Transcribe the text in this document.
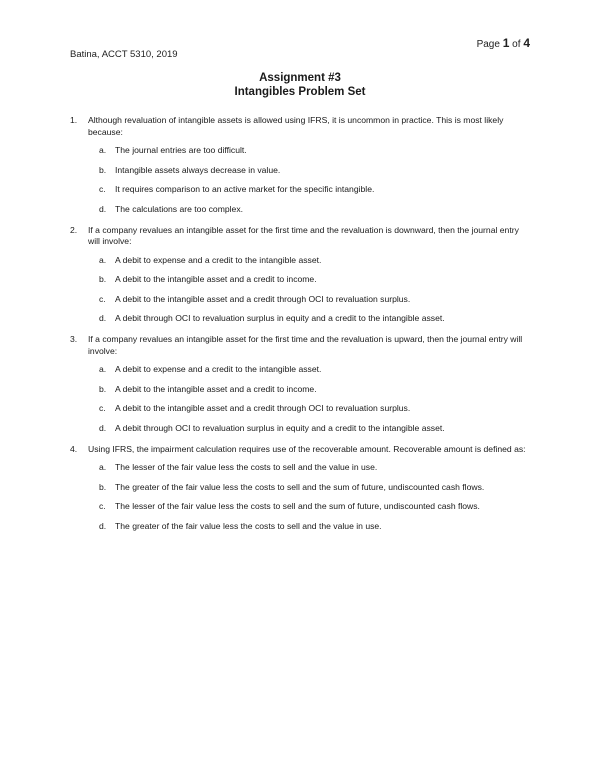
Page 1 of 4
Batina, ACCT 5310, 2019
Assignment #3
Intangibles Problem Set
1. Although revaluation of intangible assets is allowed using IFRS, it is uncommon in practice. This is most likely because:
a. The journal entries are too difficult.
b. Intangible assets always decrease in value.
c. It requires comparison to an active market for the specific intangible.
d. The calculations are too complex.
2. If a company revalues an intangible asset for the first time and the revaluation is downward, then the journal entry will involve:
a. A debit to expense and a credit to the intangible asset.
b. A debit to the intangible asset and a credit to income.
c. A debit to the intangible asset and a credit through OCI to revaluation surplus.
d. A debit through OCI to revaluation surplus in equity and a credit to the intangible asset.
3. If a company revalues an intangible asset for the first time and the revaluation is upward, then the journal entry will involve:
a. A debit to expense and a credit to the intangible asset.
b. A debit to the intangible asset and a credit to income.
c. A debit to the intangible asset and a credit through OCI to revaluation surplus.
d. A debit through OCI to revaluation surplus in equity and a credit to the intangible asset.
4. Using IFRS, the impairment calculation requires use of the recoverable amount. Recoverable amount is defined as:
a. The lesser of the fair value less the costs to sell and the value in use.
b. The greater of the fair value less the costs to sell and the sum of future, undiscounted cash flows.
c. The lesser of the fair value less the costs to sell and the sum of future, undiscounted cash flows.
d. The greater of the fair value less the costs to sell and the value in use.
